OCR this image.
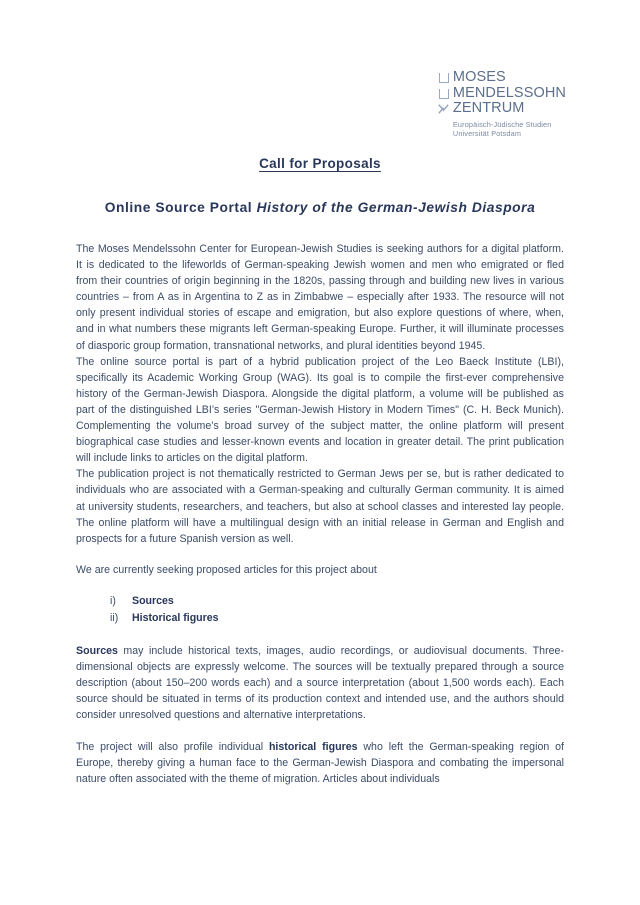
MOSES
MENDELSSOHN
ZENTRUM
Europäisch-Jüdische Studien
Universität Potsdam
Call for Proposals
Online Source Portal History of the German-Jewish Diaspora

The Moses Mendelssohn Center for European-Jewish Studies is seeking authors for a digital platform. It is dedicated to the lifeworlds of German-speaking Jewish women and men who emigrated or fled from their countries of origin beginning in the 1820s, passing through and building new lives in various countries – from A as in Argentina to Z as in Zimbabwe – especially after 1933. The resource will not only present individual stories of escape and emigration, but also explore questions of where, when, and in what numbers these migrants left German-speaking Europe. Further, it will illuminate processes of diasporic group formation, transnational networks, and plural identities beyond 1945.

The online source portal is part of a hybrid publication project of the Leo Baeck Institute (LBI), specifically its Academic Working Group (WAG). Its goal is to compile the first-ever comprehensive history of the German-Jewish Diaspora. Alongside the digital platform, a volume will be published as part of the distinguished LBI’s series "German-Jewish History in Modern Times" (C. H. Beck Munich). Complementing the volume’s broad survey of the subject matter, the online platform will present biographical case studies and lesser-known events and location in greater detail. The print publication will include links to articles on the digital platform.

The publication project is not thematically restricted to German Jews per se, but is rather dedicated to individuals who are associated with a German-speaking and culturally German community. It is aimed at university students, researchers, and teachers, but also at school classes and interested lay people. The online platform will have a multilingual design with an initial release in German and English and prospects for a future Spanish version as well.

We are currently seeking proposed articles for this project about

i)	Sources
ii)	Historical figures

Sources may include historical texts, images, audio recordings, or audiovisual documents. Three-dimensional objects are expressly welcome. The sources will be textually prepared through a source description (about 150–200 words each) and a source interpretation (about 1,500 words each). Each source should be situated in terms of its production context and intended use, and the authors should consider unresolved questions and alternative interpretations.

The project will also profile individual historical figures who left the German-speaking region of Europe, thereby giving a human face to the German-Jewish Diaspora and combating the impersonal nature often associated with the theme of migration. Articles about individuals
